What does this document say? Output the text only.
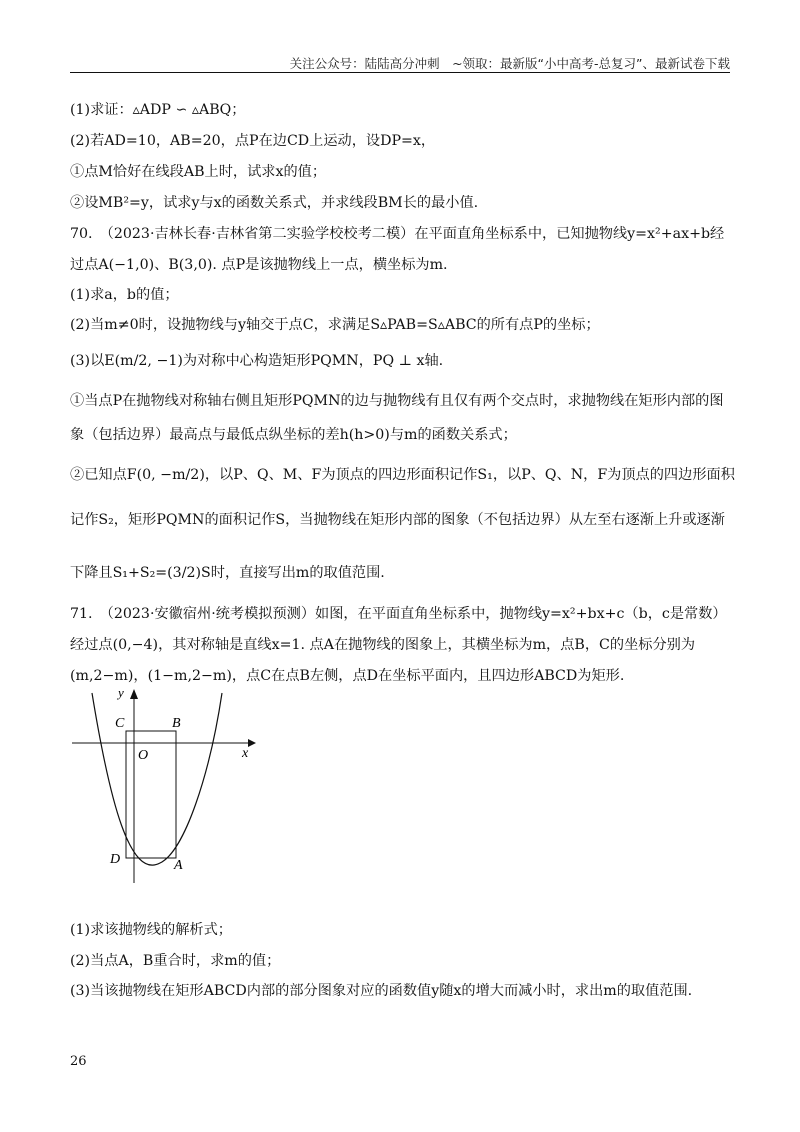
关注公众号：陆陆高分冲刺　~领取：最新版“小中高考-总复习”、最新试卷下载
(1)求证：▵ADP ∽ ▵ABQ；
(2)若AD=10，AB=20，点P在边CD上运动，设DP=x，
①点M恰好在线段AB上时，试求x的值；
②设MB²=y，试求y与x的函数关系式，并求线段BM长的最小值.
70.　（2023·吉林长春·吉林省第二实验学校校考二模）在平面直角坐标系中，已知抛物线y=x²+ax+b经
过点A(−1,0)、B(3,0). 点P是该抛物线上一点，横坐标为m.
(1)求a，b的值；
(2)当m≠0时，设抛物线与y轴交于点C，求满足S▵PAB=S▵ABC的所有点P的坐标；
(3)以E(m/2, −1)为对称中心构造矩形PQMN，PQ ⊥ x轴.
①当点P在抛物线对称轴右侧且矩形PQMN的边与抛物线有且仅有两个交点时，求抛物线在矩形内部的图
象（包括边界）最高点与最低点纵坐标的差h(h>0)与m的函数关系式；
②已知点F(0, −m/2)，以P、Q、M、F为顶点的四边形面积记作S₁，以P、Q、N，F为顶点的四边形面积
记作S₂，矩形PQMN的面积记作S，当抛物线在矩形内部的图象（不包括边界）从左至右逐渐上升或逐渐
下降且S₁+S₂=(3/2)S时，直接写出m的取值范围.
71.　（2023·安徽宿州·统考模拟预测）如图，在平面直角坐标系中，抛物线y=x²+bx+c（b，c是常数）
经过点(0,−4)，其对称轴是直线x=1. 点A在抛物线的图象上，其横坐标为m，点B，C的坐标分别为
(m,2−m)，(1−m,2−m)，点C在点B左侧，点D在坐标平面内，且四边形ABCD为矩形.
y
x
C	B
O
D	A
(1)求该抛物线的解析式；
(2)当点A，B重合时，求m的值；
(3)当该抛物线在矩形ABCD内部的部分图象对应的函数值y随x的增大而减小时，求出m的取值范围.
26
